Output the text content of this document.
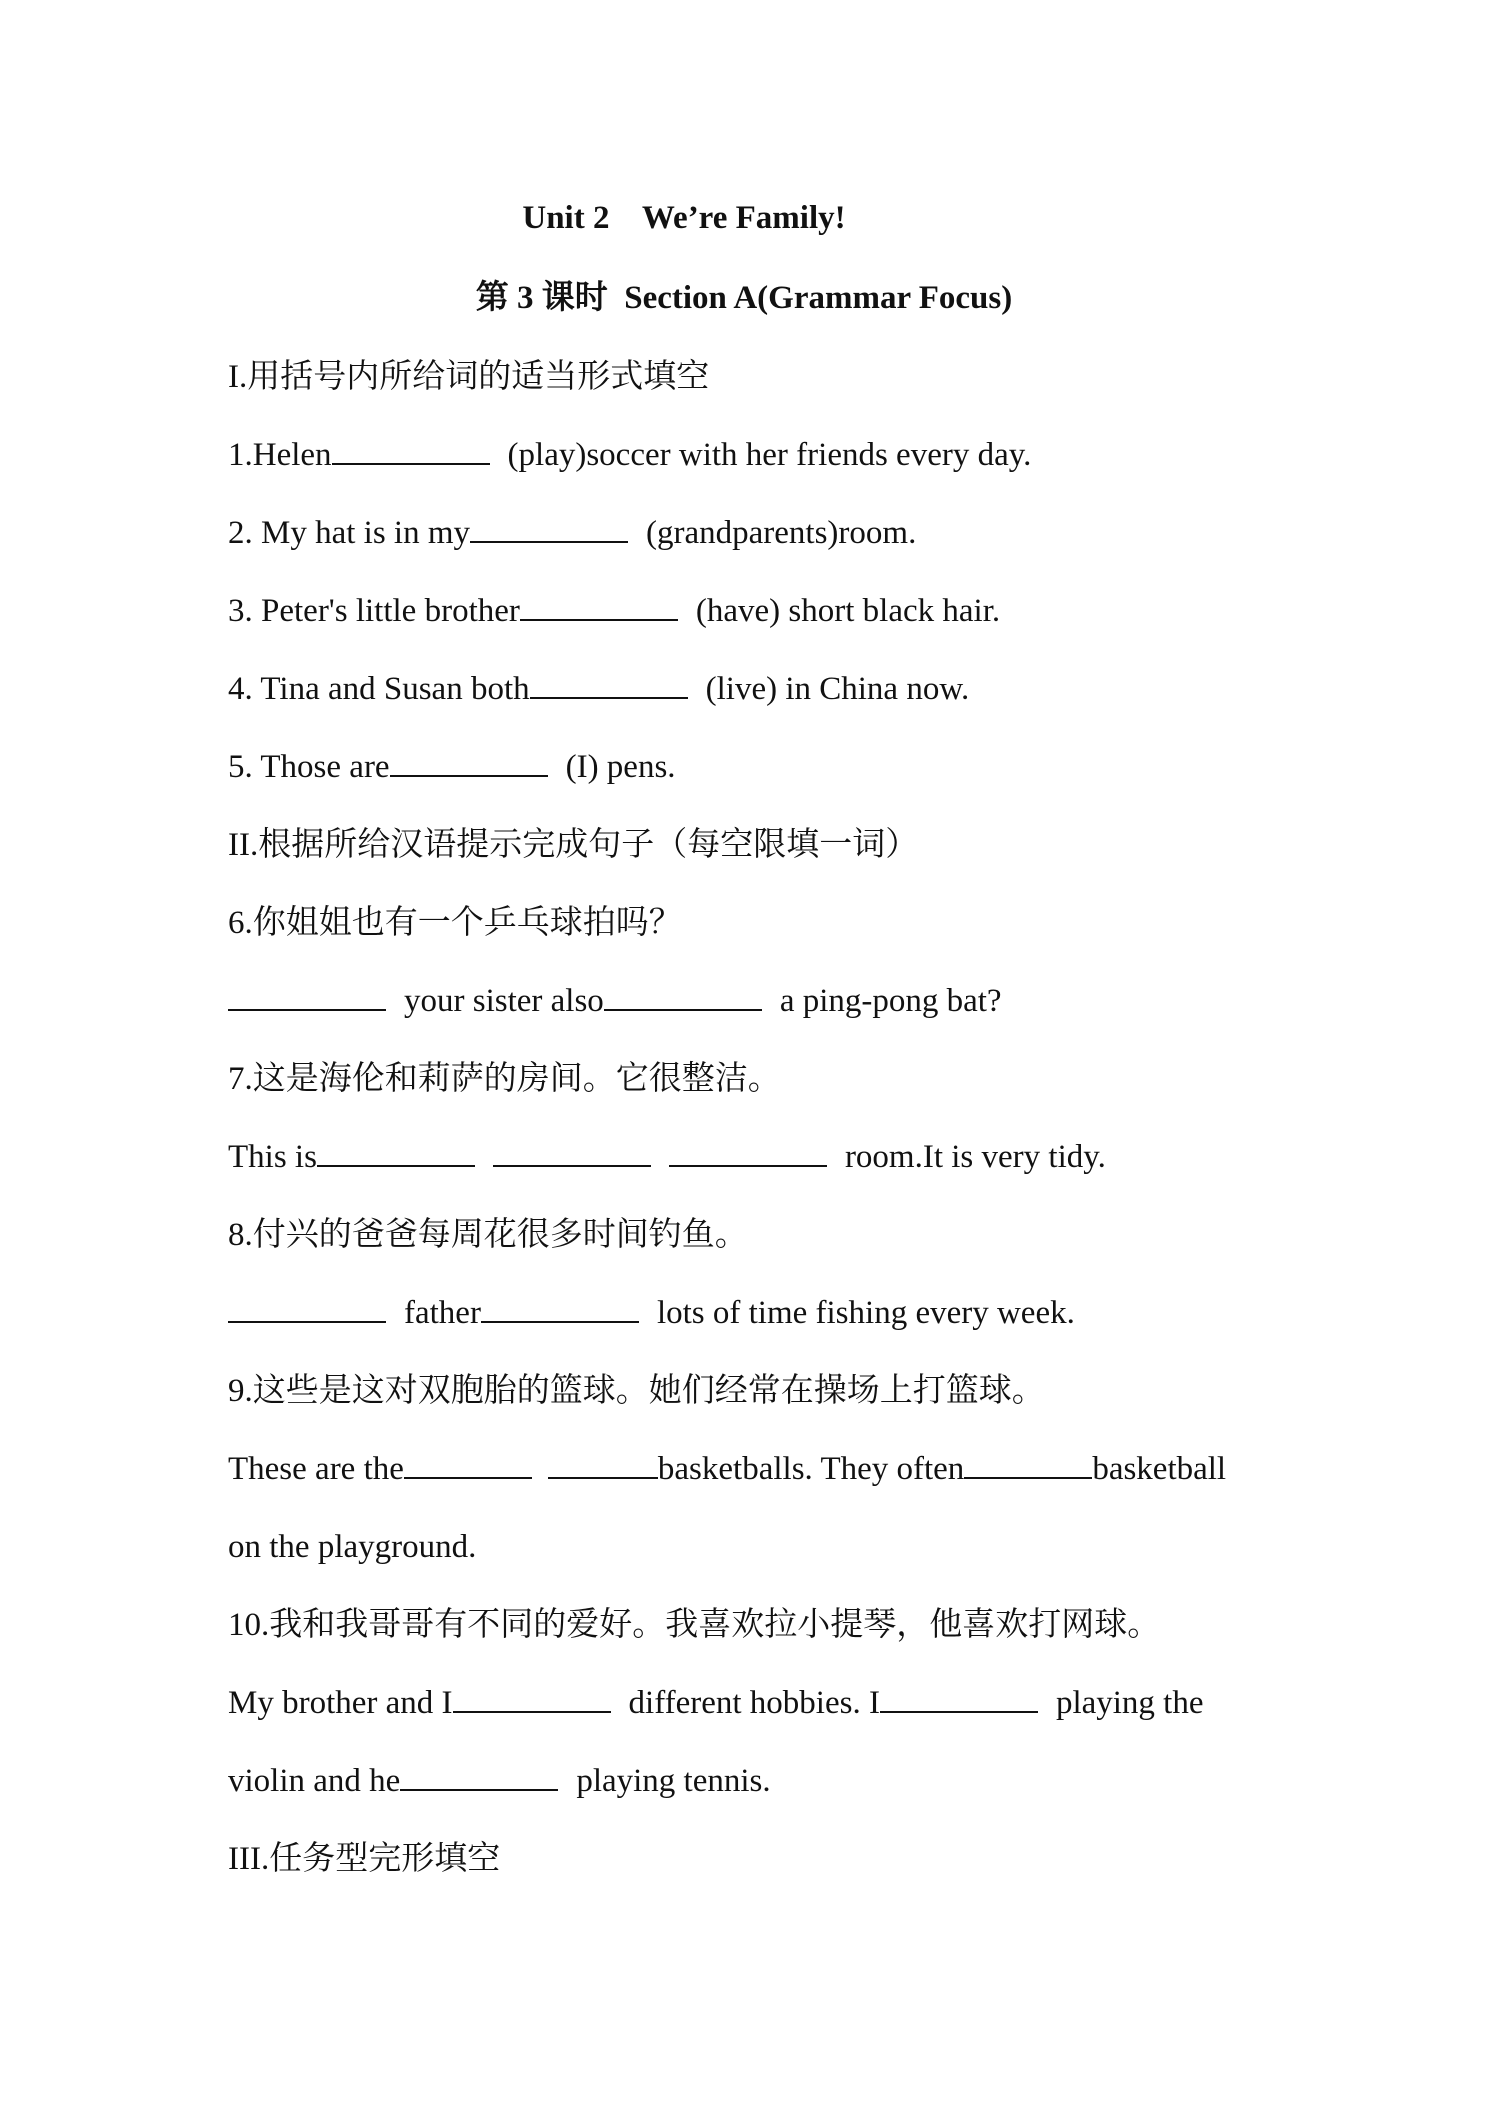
Unit 2    We’re Family!
第 3 课时  Section A(Grammar Focus)
I.用括号内所给词的适当形式填空
1.Helen	(play)soccer with her friends every day.
2. My hat is in my	(grandparents)room.
3. Peter's little brother	(have) short black hair.
4. Tina and Susan both	(live) in China now.
5. Those are	(I) pens.
II.根据所给汉语提示完成句子（每空限填一词）
6.你姐姐也有一个乒乓球拍吗？
your sister also	a ping-pong bat?
7.这是海伦和莉萨的房间。它很整洁。
This is	room.It is very tidy.
8.付兴的爸爸每周花很多时间钓鱼。
father	lots of time fishing every week.
9.这些是这对双胞胎的篮球。她们经常在操场上打篮球。
These are the	basketballs. They often	basketball
on the playground.
10.我和我哥哥有不同的爱好。我喜欢拉小提琴，他喜欢打网球。
My brother and I	different hobbies. I	playing the
violin and he	playing tennis.
III.任务型完形填空
